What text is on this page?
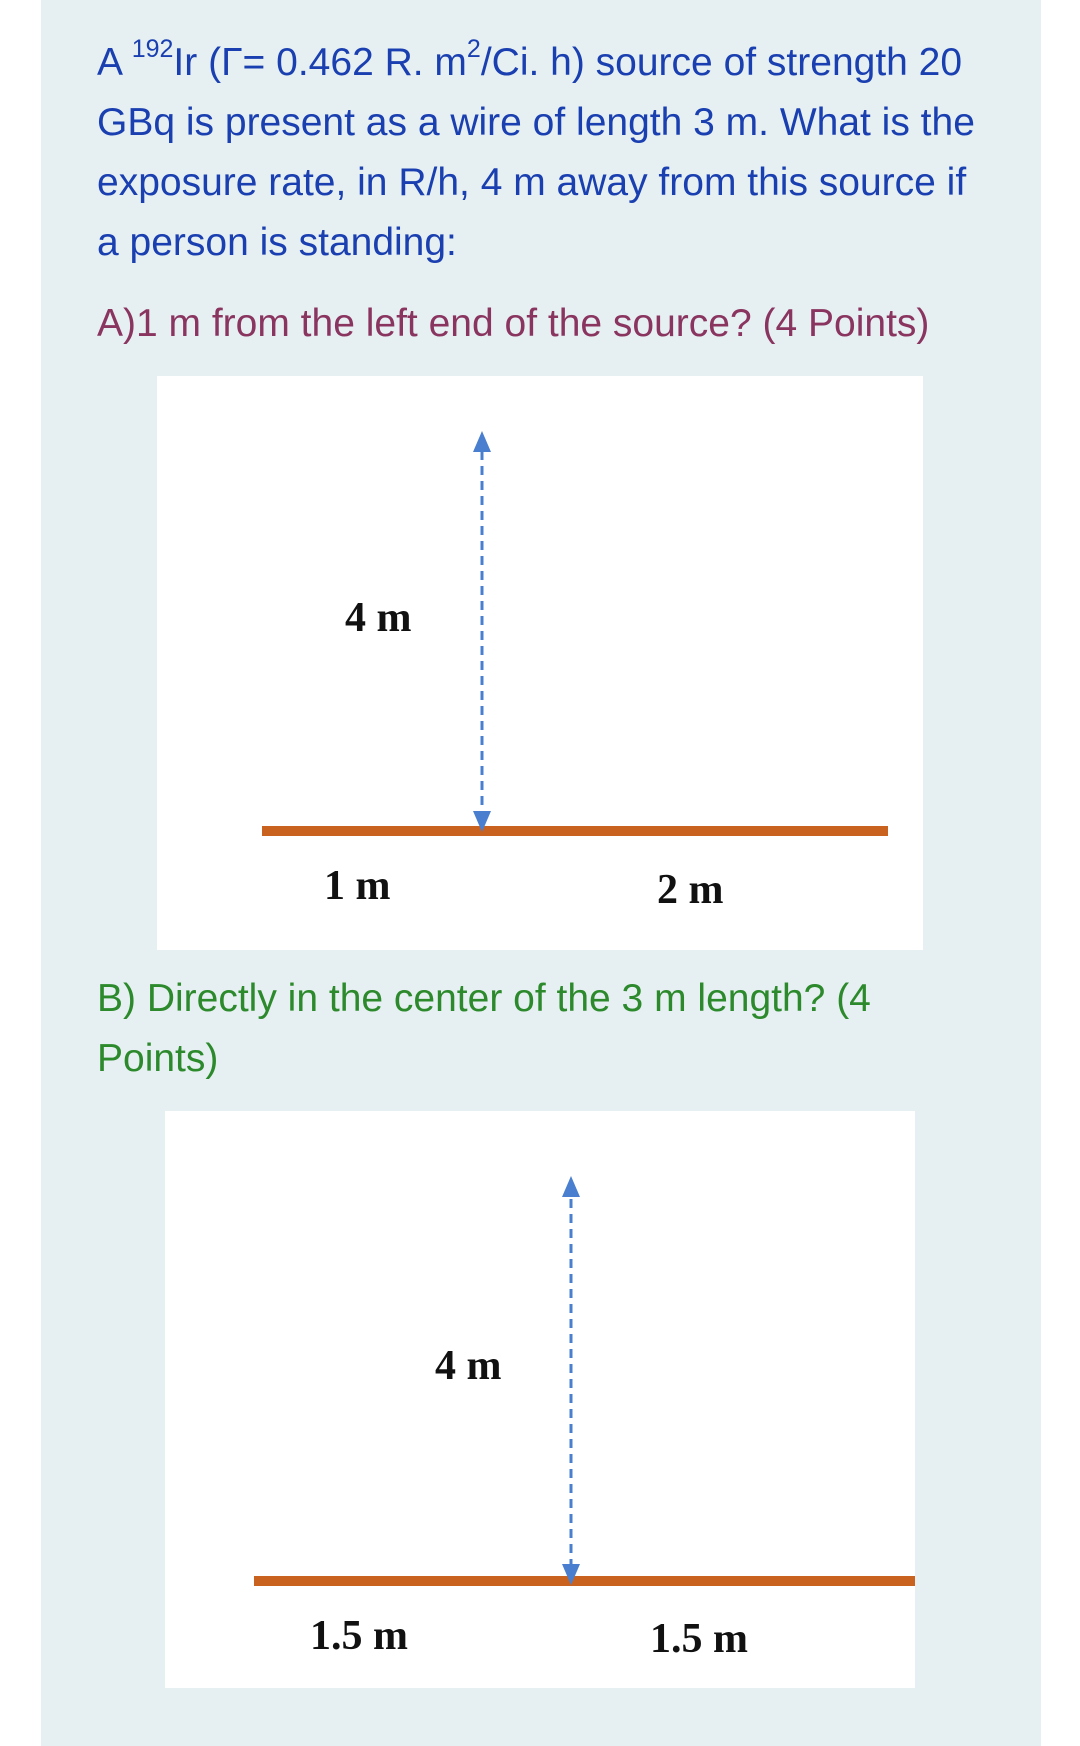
A $^{192}$Ir (Γ= 0.462 R. $m^2/Ci$. h) source of strength 20 GBq is present as a wire of length 3 m. What is the exposure rate, in R/h, 4 m away from this source if a person is standing:

A)1 m from the left end of the source? (4 Points)

4 m
1 m	2 m

B) Directly in the center of the 3 m length? (4 Points)

4 m
1.5 m	1.5 m
